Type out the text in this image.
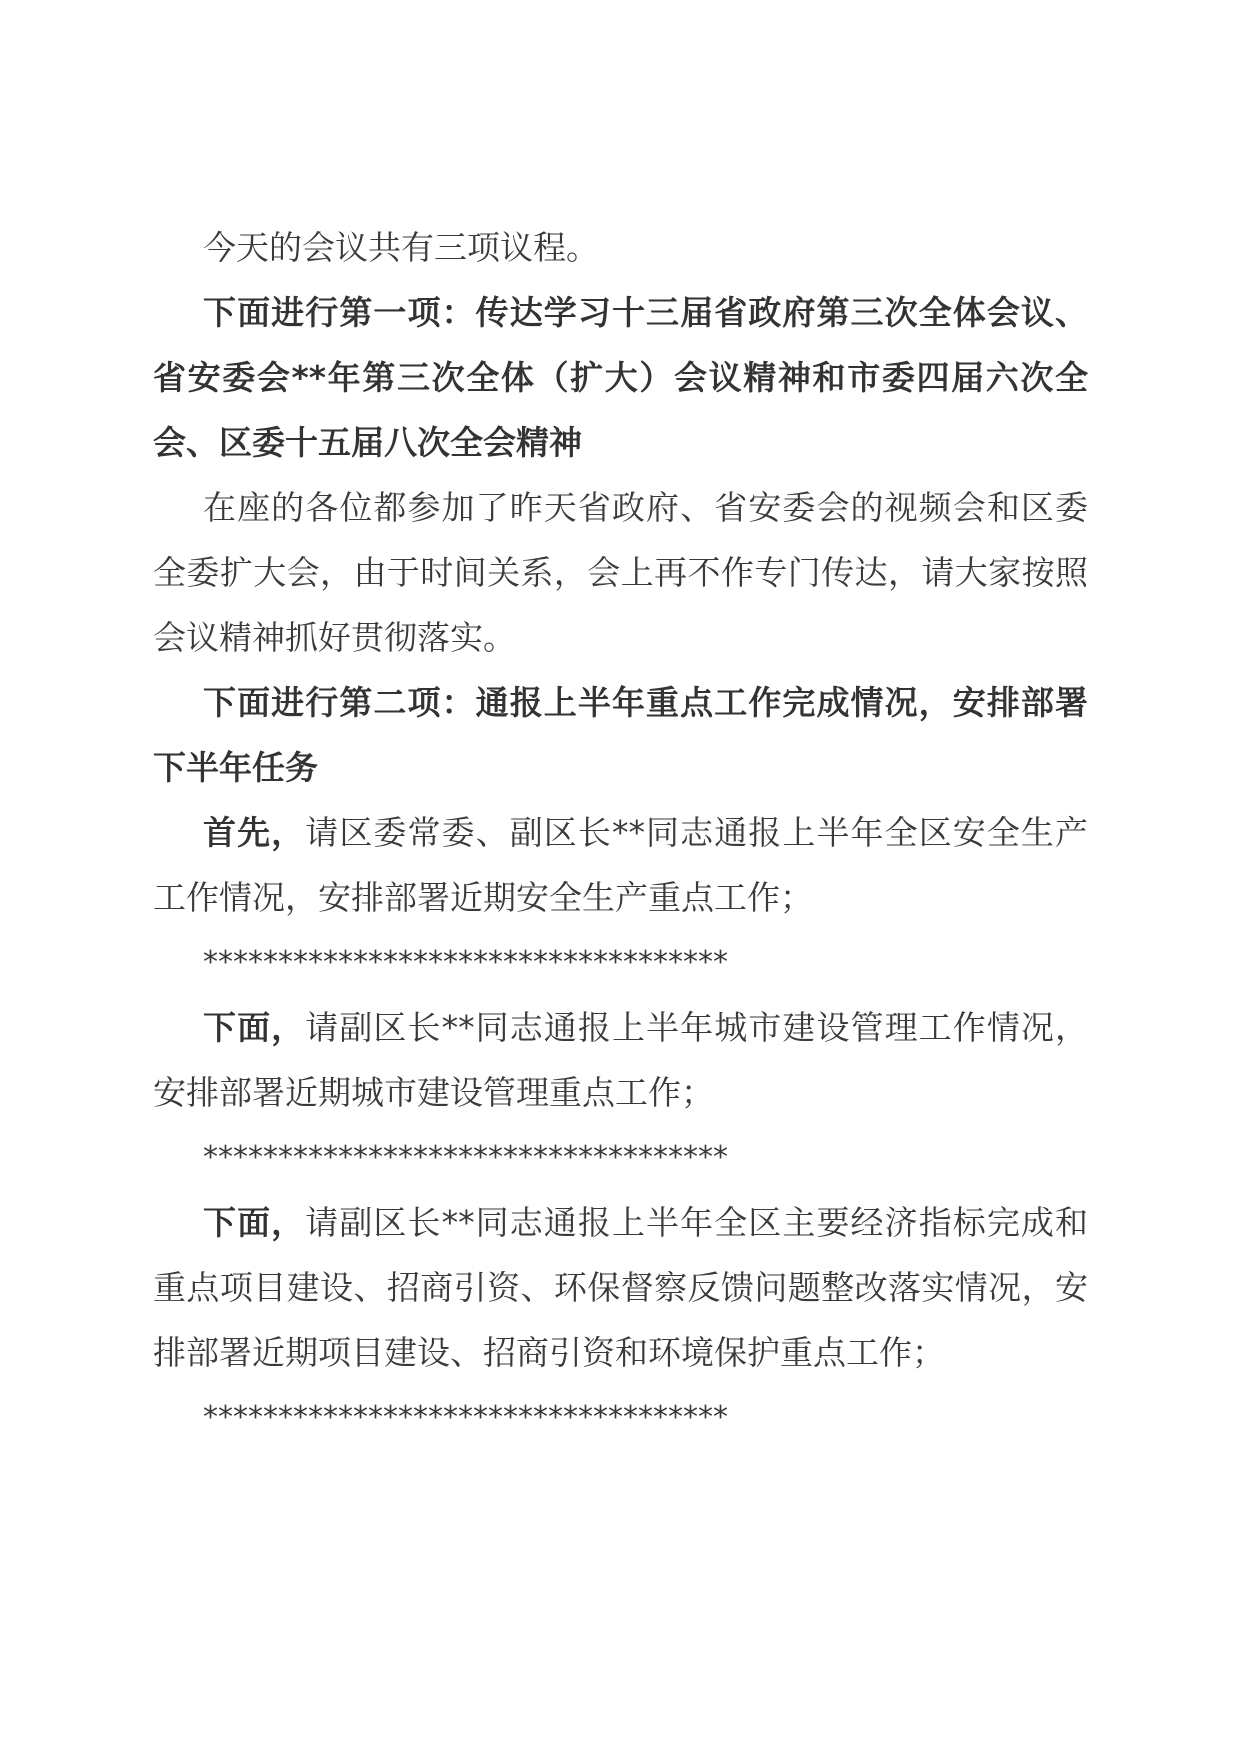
今天的会议共有三项议程。

下面进行第一项：传达学习十三届省政府第三次全体会议、省安委会**年第三次全体（扩大）会议精神和市委四届六次全会、区委十五届八次全会精神

在座的各位都参加了昨天省政府、省安委会的视频会和区委全委扩大会，由于时间关系，会上再不作专门传达，请大家按照会议精神抓好贯彻落实。

下面进行第二项：通报上半年重点工作完成情况，安排部署下半年任务

首先，请区委常委、副区长**同志通报上半年全区安全生产工作情况，安排部署近期安全生产重点工作；

***********************************

下面，请副区长**同志通报上半年城市建设管理工作情况，安排部署近期城市建设管理重点工作；

***********************************

下面，请副区长**同志通报上半年全区主要经济指标完成和重点项目建设、招商引资、环保督察反馈问题整改落实情况，安排部署近期项目建设、招商引资和环境保护重点工作；

***********************************
